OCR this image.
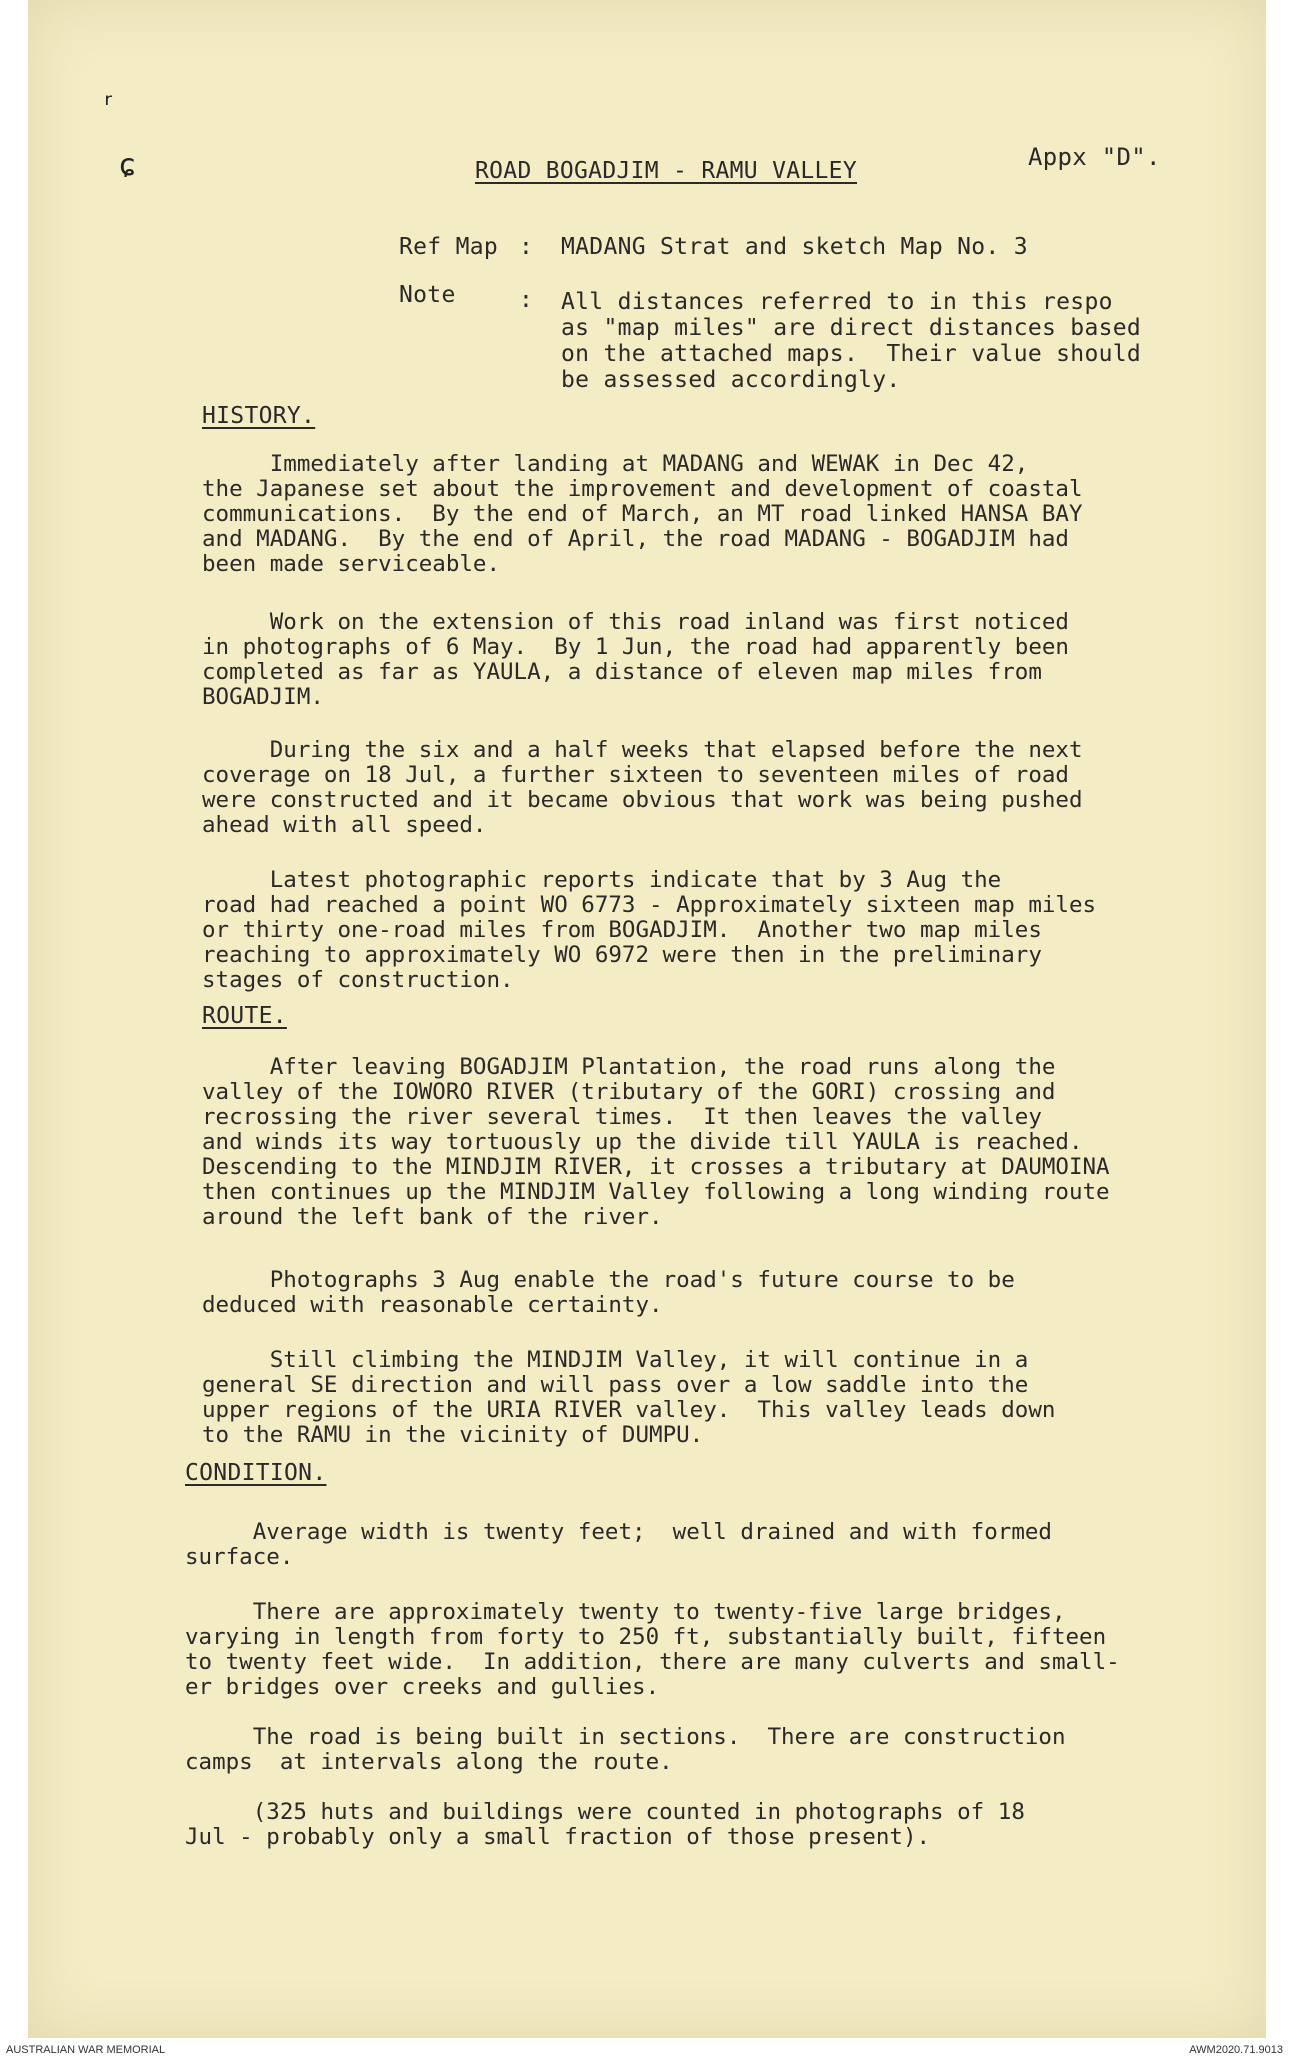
ʳ
ɕ	ROAD BOGADJIM - RAMU VALLEY	Appx "D".
Ref Map : MADANG Strat and sketch Map No. 3
Note	: All distances referred to in this respo
as "map miles" are direct distances based
on the attached maps.  Their value should
be assessed accordingly.
HISTORY.
Immediately after landing at MADANG and WEWAK in Dec 42,
the Japanese set about the improvement and development of coastal
communications.  By the end of March, an MT road linked HANSA BAY
and MADANG.  By the end of April, the road MADANG - BOGADJIM had
been made serviceable.
Work on the extension of this road inland was first noticed
in photographs of 6 May.  By 1 Jun, the road had apparently been
completed as far as YAULA, a distance of eleven map miles from
BOGADJIM.
During the six and a half weeks that elapsed before the next
coverage on 18 Jul, a further sixteen to seventeen miles of road
were constructed and it became obvious that work was being pushed
ahead with all speed.
Latest photographic reports indicate that by 3 Aug the
road had reached a point WO 6773 - Approximately sixteen map miles
or thirty one-road miles from BOGADJIM.  Another two map miles
reaching to approximately WO 6972 were then in the preliminary
stages of construction.
ROUTE.
After leaving BOGADJIM Plantation, the road runs along the
valley of the IOWORO RIVER (tributary of the GORI) crossing and
recrossing the river several times.  It then leaves the valley
and winds its way tortuously up the divide till YAULA is reached.
Descending to the MINDJIM RIVER, it crosses a tributary at DAUMOINA
then continues up the MINDJIM Valley following a long winding route
around the left bank of the river.
Photographs 3 Aug enable the road's future course to be
deduced with reasonable certainty.
Still climbing the MINDJIM Valley, it will continue in a
general SE direction and will pass over a low saddle into the
upper regions of the URIA RIVER valley.  This valley leads down
to the RAMU in the vicinity of DUMPU.
CONDITION.
Average width is twenty feet;  well drained and with formed
surface.
There are approximately twenty to twenty-five large bridges,
varying in length from forty to 250 ft, substantially built, fifteen
to twenty feet wide.  In addition, there are many culverts and small-
er bridges over creeks and gullies.
The road is being built in sections.  There are construction
camps  at intervals along the route.
(325 huts and buildings were counted in photographs of 18
Jul - probably only a small fraction of those present).
AUSTRALIAN WAR MEMORIAL	AWM2020.71.9013
